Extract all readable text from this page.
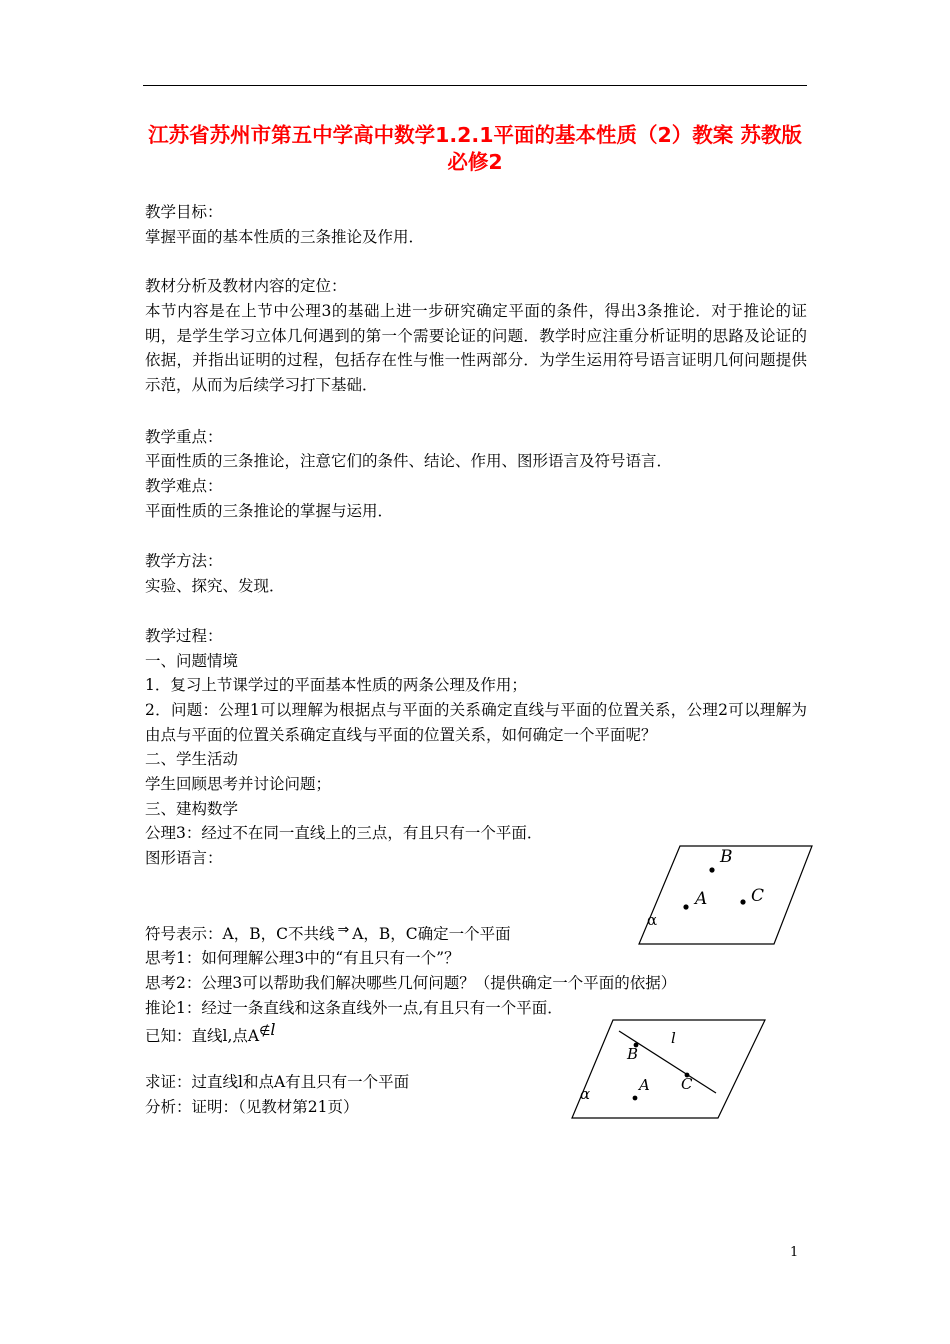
江苏省苏州市第五中学高中数学1.2.1平面的基本性质（2）教案 苏教版必修2
教学目标：
掌握平面的基本性质的三条推论及作用．
教材分析及教材内容的定位：
本节内容是在上节中公理3的基础上进一步研究确定平面的条件，得出3条推论．对于推论的证明，是学生学习立体几何遇到的第一个需要论证的问题．教学时应注重分析证明的思路及论证的依据，并指出证明的过程，包括存在性与惟一性两部分．为学生运用符号语言证明几何问题提供示范，从而为后续学习打下基础．
教学重点：
平面性质的三条推论，注意它们的条件、结论、作用、图形语言及符号语言．
教学难点：
平面性质的三条推论的掌握与运用．
教学方法：
实验、探究、发现．
教学过程：
一、问题情境
1．复习上节课学过的平面基本性质的两条公理及作用；
2．问题：公理1可以理解为根据点与平面的关系确定直线与平面的位置关系，公理2可以理解为由点与平面的位置关系确定直线与平面的位置关系，如何确定一个平面呢？
二、学生活动
学生回顾思考并讨论问题；
三、建构数学
公理3：经过不在同一直线上的三点，有且只有一个平面．
图形语言：
符号表示：A，B，C不共线 ⇒ A，B，C确定一个平面
思考1：如何理解公理3中的“有且只有一个”？
思考2：公理3可以帮助我们解决哪些几何问题？（提供确定一个平面的依据）
推论1：经过一条直线和这条直线外一点,有且只有一个平面．
已知：直线l,点A∉l
求证：过直线l和点A有且只有一个平面
分析：证明：（见教材第21页）
B
A	C
α
l
B
C
A
α
1
